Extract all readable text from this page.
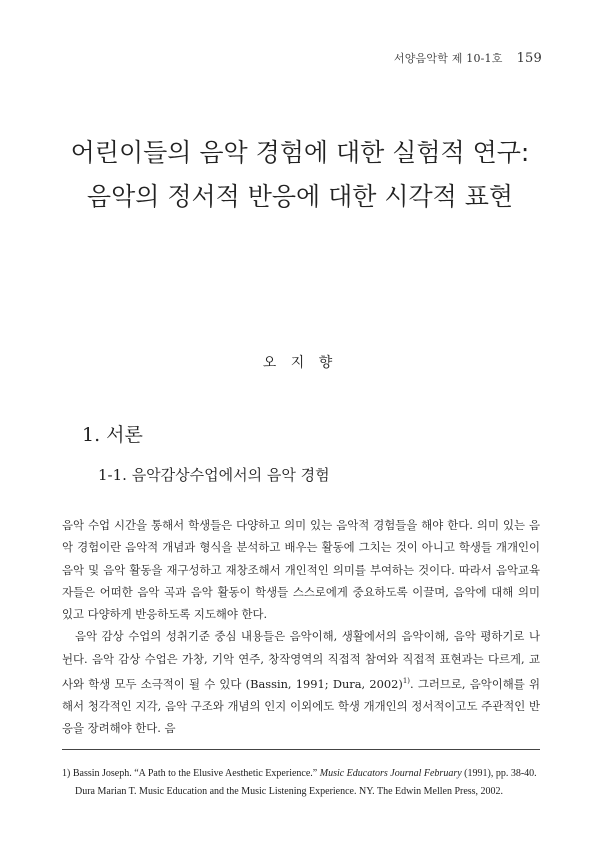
서양음악학 제 10-1호 159
어린이들의 음악 경험에 대한 실험적 연구:
음악의 정서적 반응에 대한 시각적 표현
오 지 향
1. 서론
1-1. 음악감상수업에서의 음악 경험

음악 수업 시간을 통해서 학생들은 다양하고 의미 있는 음악적 경험들을 해야 한다. 의미 있는 음악 경험이란 음악적 개념과 형식을 분석하고 배우는 활동에 그치는 것이 아니고 학생들 개개인이 음악 및 음악 활동을 재구성하고 재창조해서 개인적인 의미를 부여하는 것이다. 따라서 음악교육자들은 어떠한 음악 곡과 음악 활동이 학생들 스스로에게 중요하도록 이끌며, 음악에 대해 의미 있고 다양하게 반응하도록 지도해야 한다.

음악 감상 수업의 성취기준 중심 내용들은 음악이해, 생활에서의 음악이해, 음악 평하기로 나뉜다. 음악 감상 수업은 가창, 기악 연주, 창작영역의 직접적 참여와 직접적 표현과는 다르게, 교사와 학생 모두 소극적이 될 수 있다 (Bassin, 1991; Dura, 2002)$^{1)}$. 그러므로, 음악이해를 위해서 청각적인 지각, 음악 구조와 개념의 인지 이외에도 학생 개개인의 정서적이고도 주관적인 반응을 장려해야 한다. 음

1) Bassin Joseph. “A Path to the Elusive Aesthetic Experience.” Music Educators Journal February (1991), pp. 38-40. Dura Marian T. Music Education and the Music Listening Experience. NY. The Edwin Mellen Press, 2002.
